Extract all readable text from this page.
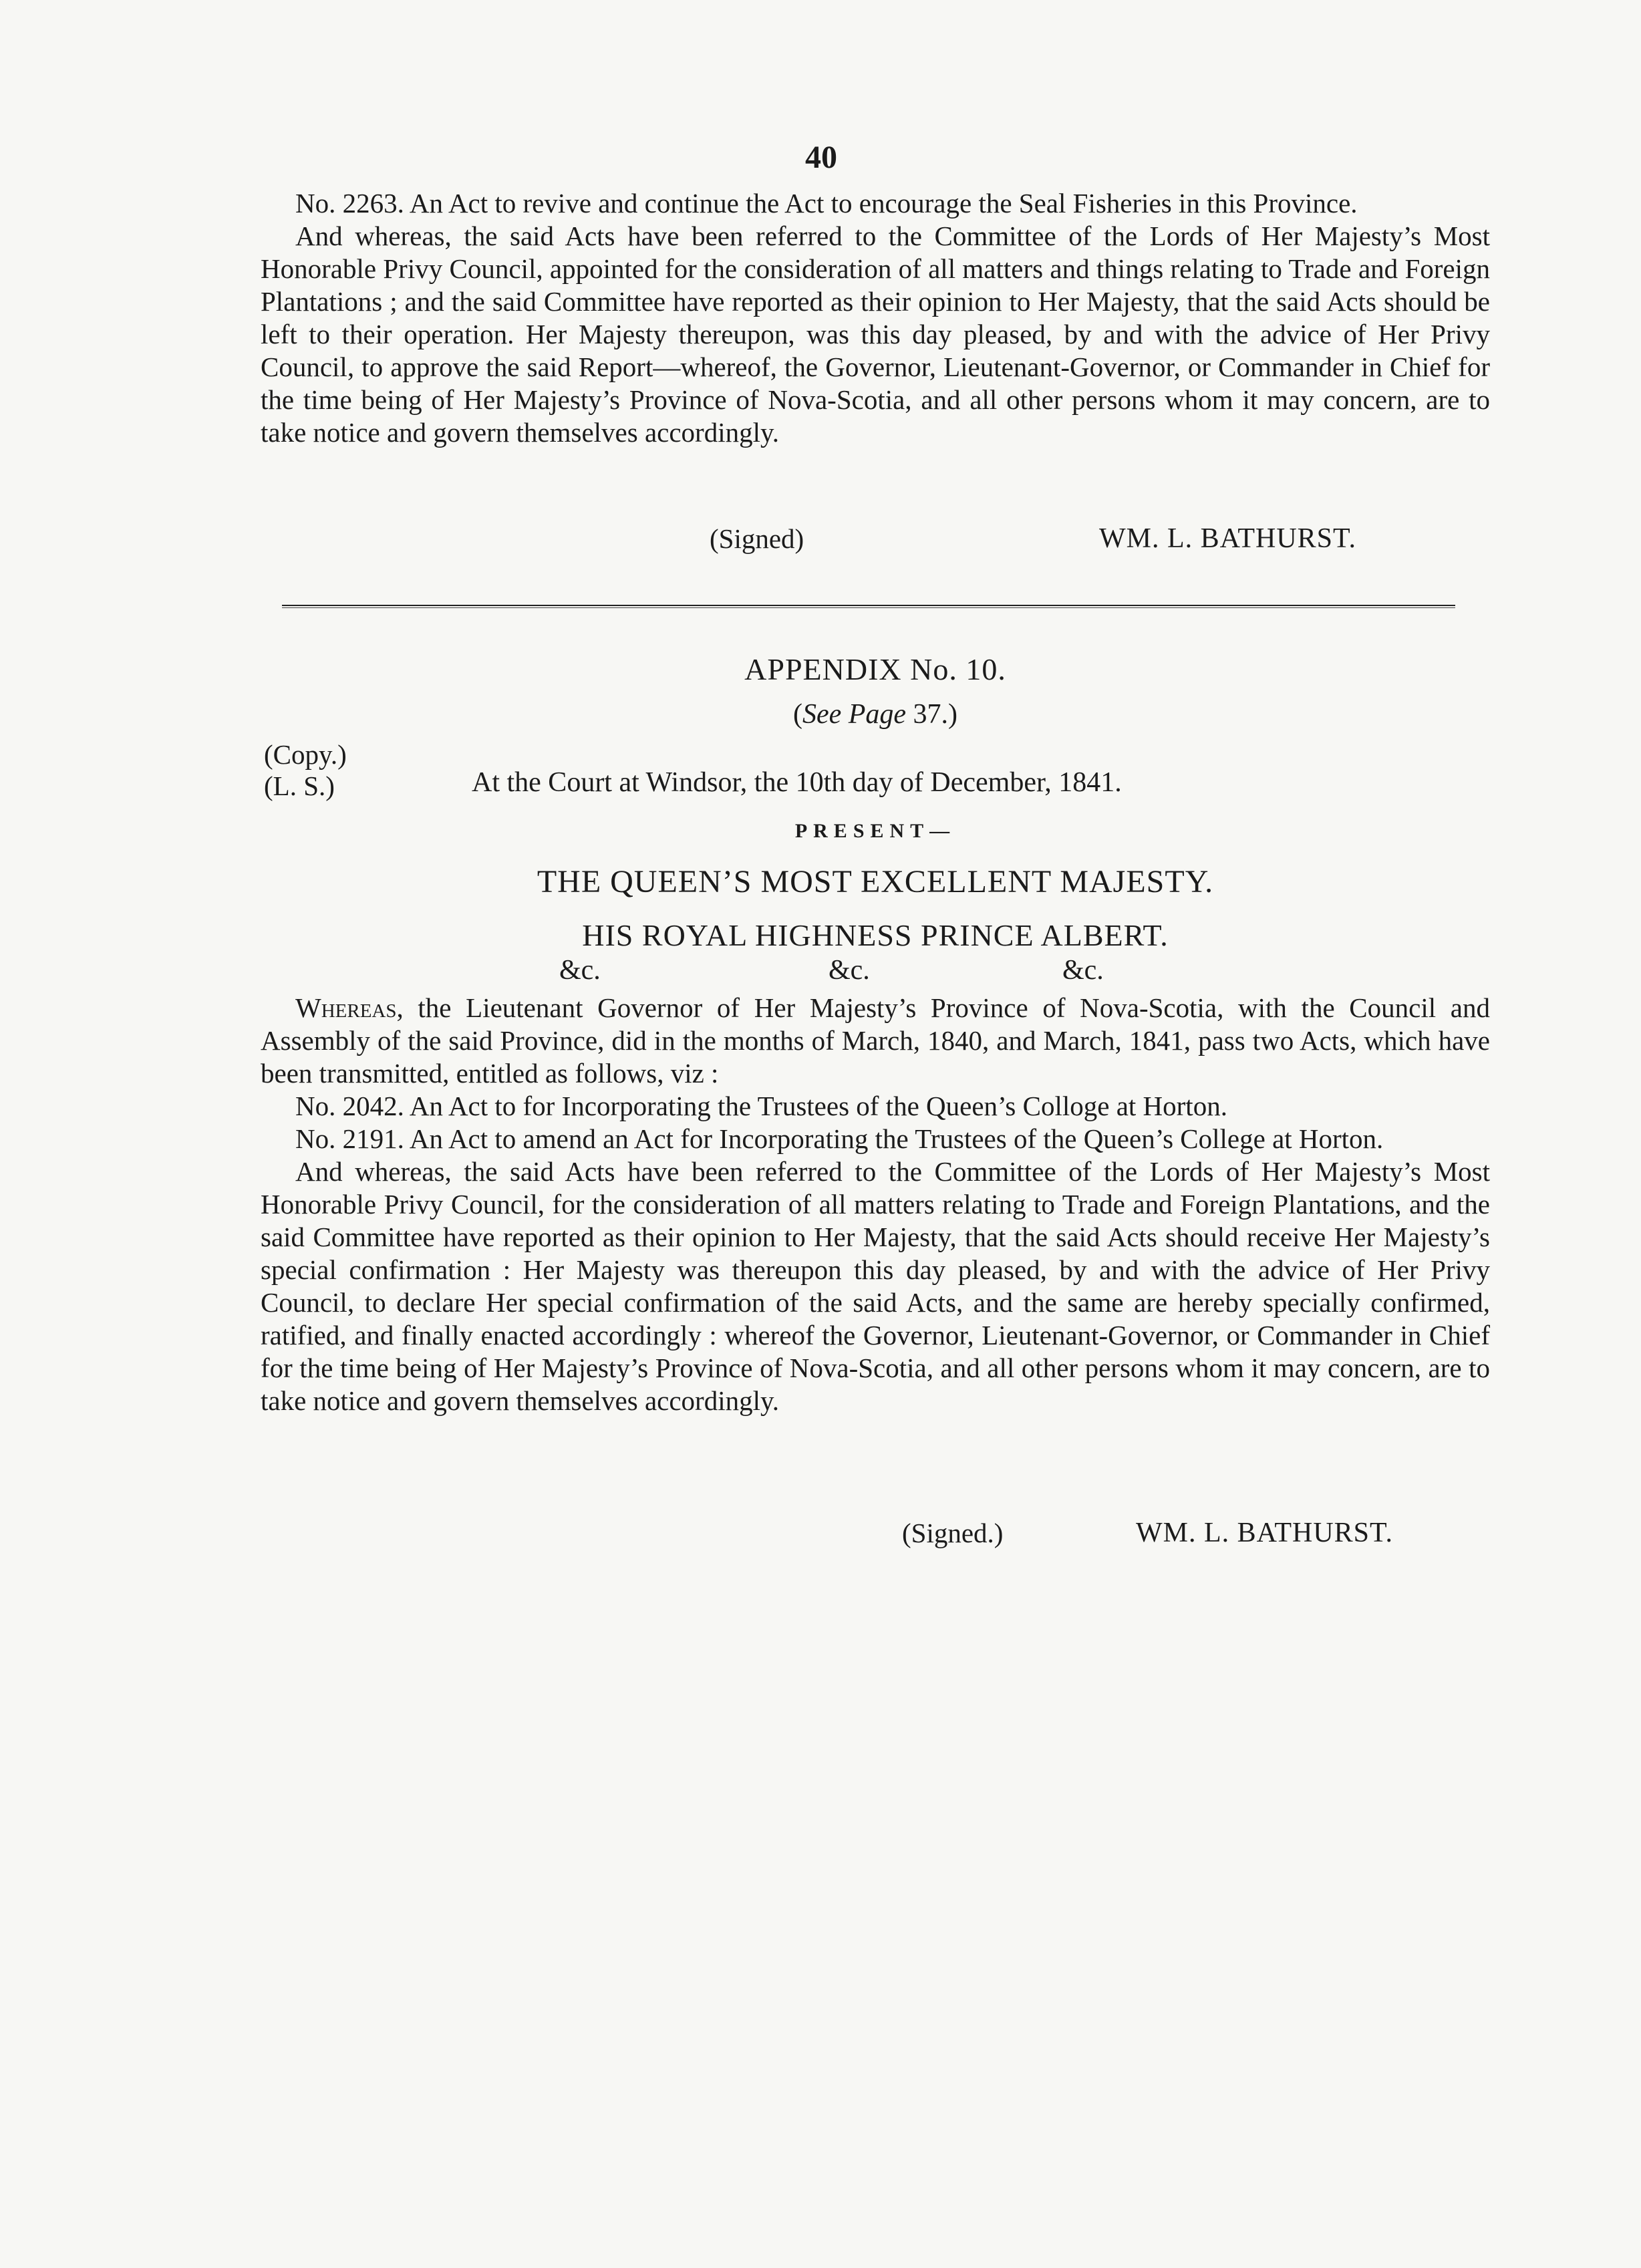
40

No. 2263. An Act to revive and continue the Act to encourage the Seal Fisheries in this Province.

And whereas, the said Acts have been referred to the Committee of the Lords of Her Majesty’s Most Honorable Privy Council, appointed for the consideration of all matters and things relating to Trade and Foreign Plantations ; and the said Committee have reported as their opinion to Her Majesty, that the said Acts should be left to their operation. Her Majesty thereupon, was this day pleased, by and with the advice of Her Privy Council, to approve the said Report—whereof, the Governor, Lieutenant-Governor, or Commander in Chief for the time being of Her Majesty’s Province of Nova-Scotia, and all other persons whom it may concern, are to take notice and govern themselves accordingly.

(Signed)	WM. L. BATHURST.

APPENDIX No. 10.

(See Page 37.)

(Copy.)

(L. S.)	At the Court at Windsor, the 10th day of December, 1841.

PRESENT—

THE QUEEN’S MOST EXCELLENT MAJESTY.

HIS ROYAL HIGHNESS PRINCE ALBERT.

&c.	&c.	&c.

Whereas, the Lieutenant Governor of Her Majesty’s Province of Nova-Scotia, with the Council and Assembly of the said Province, did in the months of March, 1840, and March, 1841, pass two Acts, which have been transmitted, entitled as follows, viz :

No. 2042. An Act to for Incorporating the Trustees of the Queen’s Colloge at Horton.

No. 2191. An Act to amend an Act for Incorporating the Trustees of the Queen’s College at Horton.

And whereas, the said Acts have been referred to the Committee of the Lords of Her Majesty’s Most Honorable Privy Council, for the consideration of all matters relating to Trade and Foreign Plantations, and the said Committee have reported as their opinion to Her Majesty, that the said Acts should receive Her Majesty’s special confirmation : Her Majesty was thereupon this day pleased, by and with the advice of Her Privy Council, to declare Her special confirmation of the said Acts, and the same are hereby specially confirmed, ratified, and finally enacted accordingly : whereof the Governor, Lieutenant-Governor, or Commander in Chief for the time being of Her Majesty’s Province of Nova-Scotia, and all other persons whom it may concern, are to take notice and govern themselves accordingly.

(Signed.)	WM. L. BATHURST.
